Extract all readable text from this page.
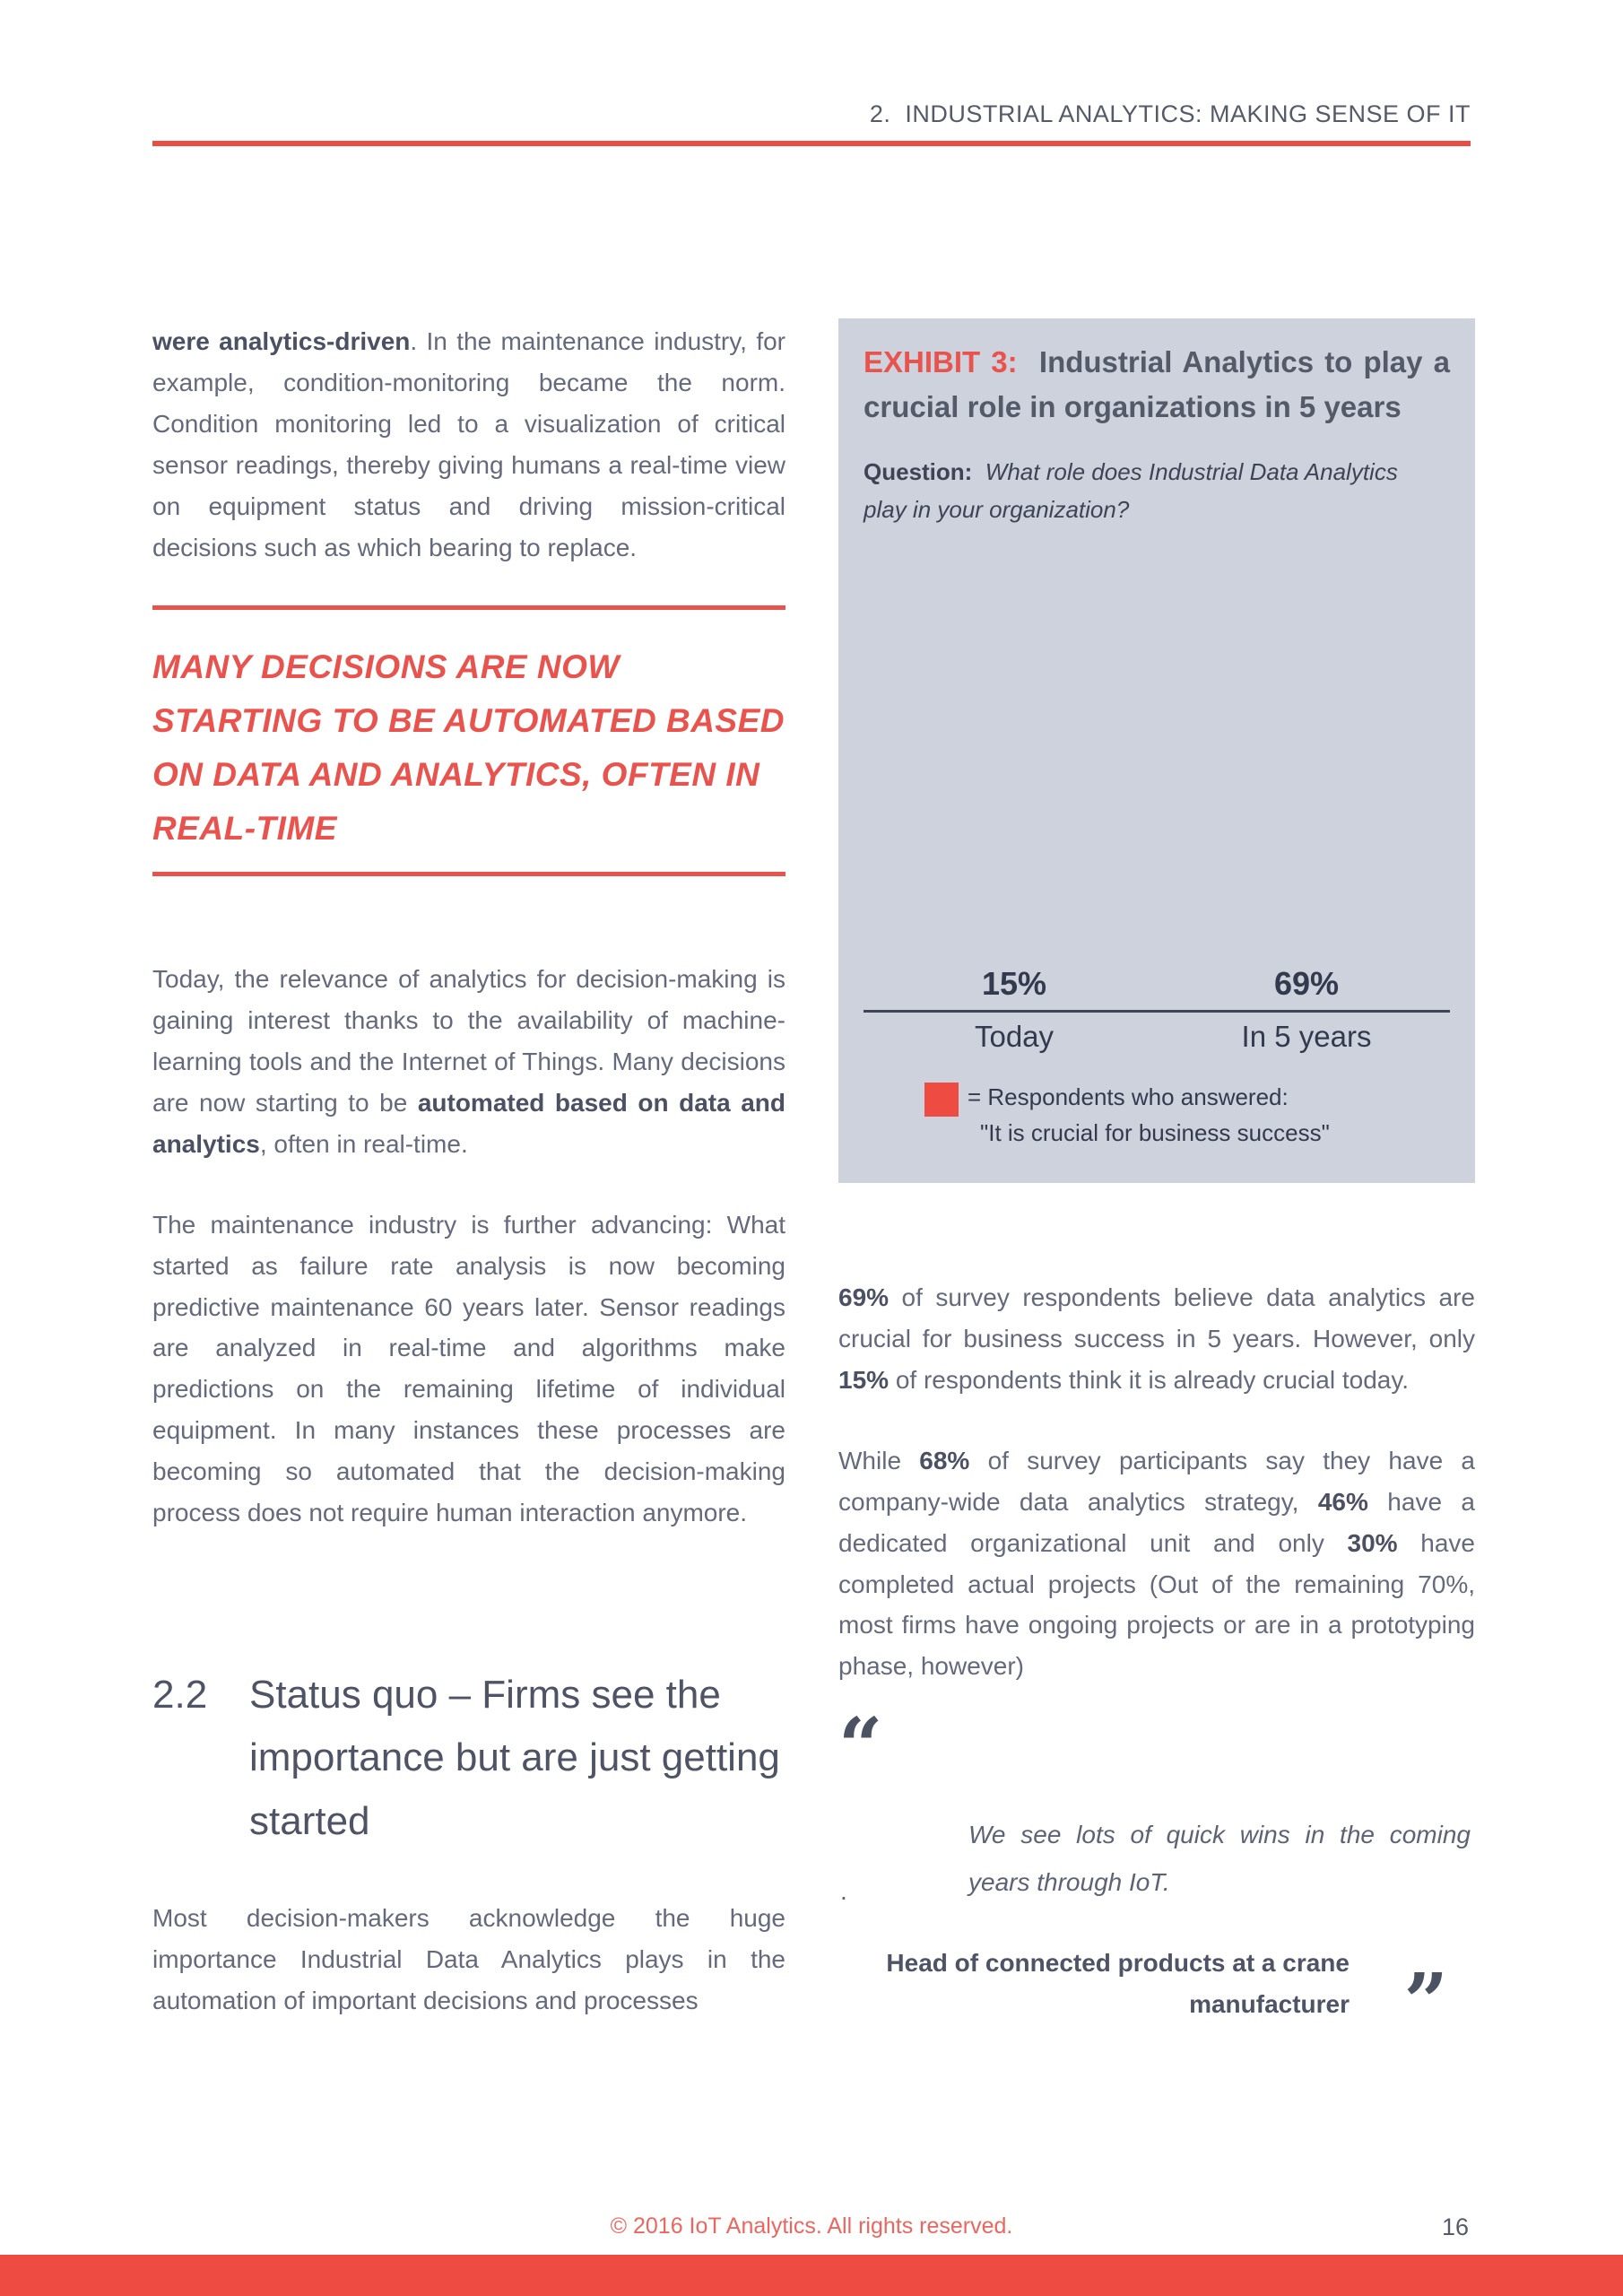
2.  INDUSTRIAL ANALYTICS: MAKING SENSE OF IT

were analytics-driven. In the maintenance industry, for example, condition-monitoring became the norm. Condition monitoring led to a visualization of critical sensor readings, thereby giving humans a real-time view on equipment status and driving mission-critical decisions such as which bearing to replace.

MANY DECISIONS ARE NOW STARTING TO BE AUTOMATED BASED ON DATA AND ANALYTICS, OFTEN IN REAL-TIME

Today, the relevance of analytics for decision-making is gaining interest thanks to the availability of machine-learning tools and the Internet of Things. Many decisions are now starting to be automated based on data and analytics, often in real-time.

The maintenance industry is further advancing: What started as failure rate analysis is now becoming predictive maintenance 60 years later. Sensor readings are analyzed in real-time and algorithms make predictions on the remaining lifetime of individual equipment. In many instances these processes are becoming so automated that the decision-making process does not require human interaction anymore.

2.2	Status quo – Firms see the importance but are just getting started

Most decision-makers acknowledge the huge importance Industrial Data Analytics plays in the automation of important decisions and processes

EXHIBIT 3:  Industrial Analytics to play a crucial role in organizations in 5 years

Question:  What role does Industrial Data Analytics play in your organization?

15%	69%
Today	In 5 years
= Respondents who answered:
"It is crucial for business success"

69% of survey respondents believe data analytics are crucial for business success in 5 years. However, only 15% of respondents think it is already crucial today.

While 68% of survey participants say they have a company-wide data analytics strategy, 46% have a dedicated organizational unit and only 30% have completed actual projects (Out of the remaining 70%, most firms have ongoing projects or are in a prototyping phase, however)

“

We see lots of quick wins in the coming years through IoT.

.
Head of connected products at a crane manufacturer ”
© 2016 IoT Analytics. All rights reserved.	16
